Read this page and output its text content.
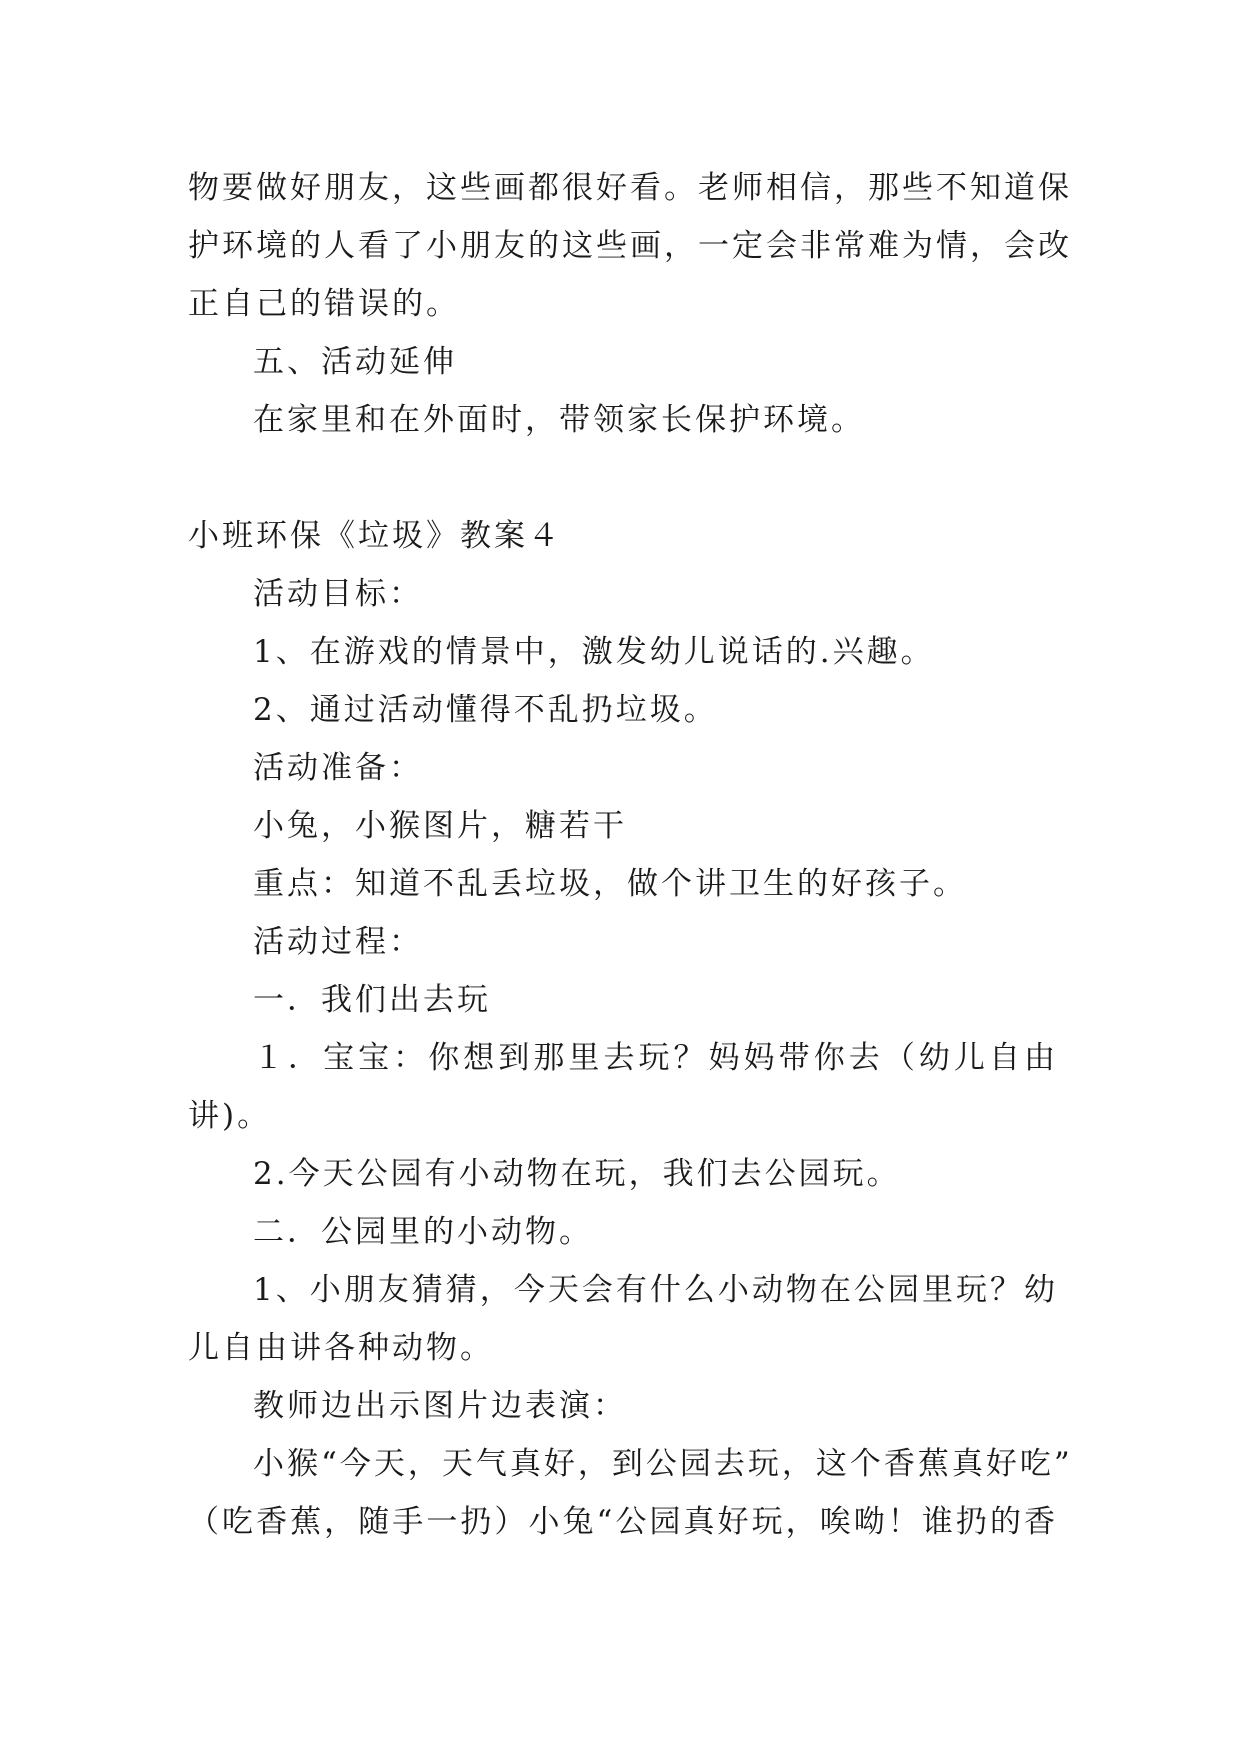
物要做好朋友，这些画都很好看。老师相信，那些不知道保
护环境的人看了小朋友的这些画，一定会非常难为情，会改
正自己的错误的。
五、活动延伸
在家里和在外面时，带领家长保护环境。
小班环保《垃圾》教案４
活动目标：
1、在游戏的情景中，激发幼儿说话的.兴趣。
2、通过活动懂得不乱扔垃圾。
活动准备：
小兔，小猴图片，糖若干
重点：知道不乱丢垃圾，做个讲卫生的好孩子。
活动过程：
一．我们出去玩
１．宝宝：你想到那里去玩？妈妈带你去（幼儿自由
讲)。
2.今天公园有小动物在玩，我们去公园玩。
二．公园里的小动物。
1、小朋友猜猜，今天会有什么小动物在公园里玩？幼
儿自由讲各种动物。
教师边出示图片边表演：
小猴“今天，天气真好，到公园去玩，这个香蕉真好吃”
（吃香蕉，随手一扔）小兔“公园真好玩，唉呦！谁扔的香
